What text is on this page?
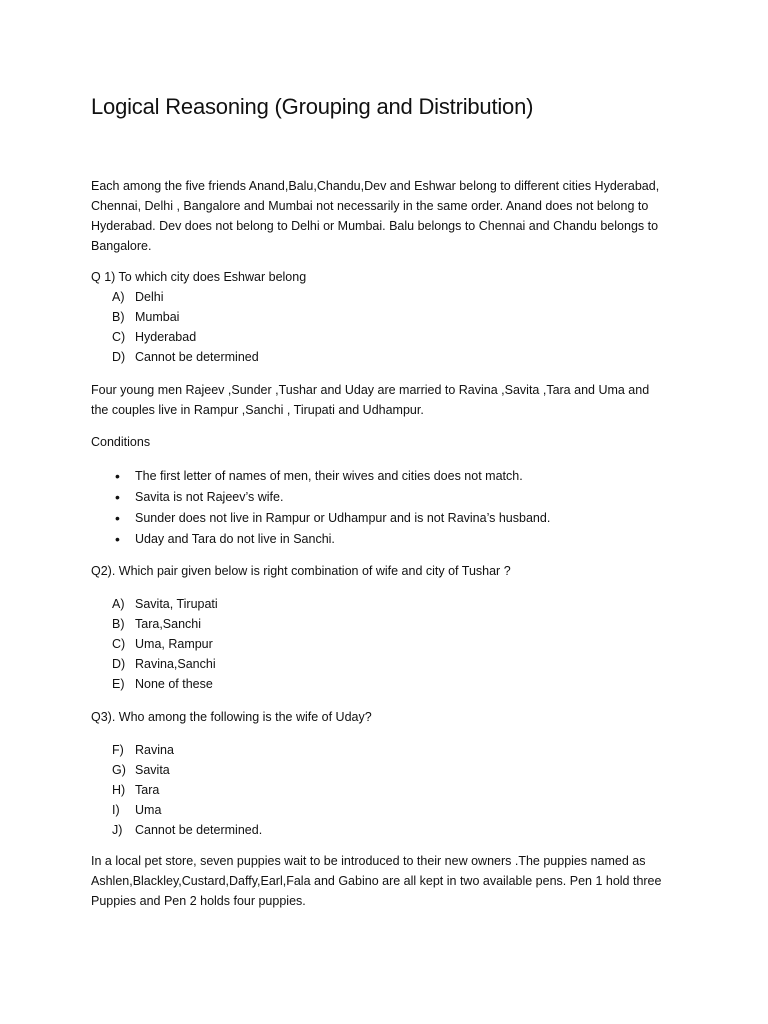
Logical Reasoning (Grouping and Distribution)
Each among the five friends Anand,Balu,Chandu,Dev and Eshwar belong to different cities Hyderabad,
Chennai, Delhi , Bangalore and Mumbai not necessarily in the same order. Anand does not belong to
Hyderabad. Dev does not belong to Delhi or Mumbai. Balu belongs to Chennai and Chandu belongs to
Bangalore.
Q 1) To which city does Eshwar belong
A) Delhi
B) Mumbai
C) Hyderabad
D) Cannot be determined
Four young men Rajeev ,Sunder ,Tushar and Uday are married to Ravina ,Savita ,Tara and Uma and
the couples live in Rampur ,Sanchi , Tirupati and Udhampur.
Conditions
• The first letter of names of men, their wives and cities does not match.
• Savita is not Rajeev’s wife.
• Sunder does not live in Rampur or Udhampur and is not Ravina’s husband.
• Uday and Tara do not live in Sanchi.
Q2). Which pair given below is right combination of wife and city of Tushar ?
A) Savita, Tirupati
B) Tara,Sanchi
C) Uma, Rampur
D) Ravina,Sanchi
E) None of these
Q3). Who among the following is the wife of Uday?
F) Ravina
G) Savita
H) Tara
I) Uma
J) Cannot be determined.
In a local pet store, seven puppies wait to be introduced to their new owners .The puppies named as
Ashlen,Blackley,Custard,Daffy,Earl,Fala and Gabino are all kept in two available pens. Pen 1 hold three
Puppies and Pen 2 holds four puppies.
